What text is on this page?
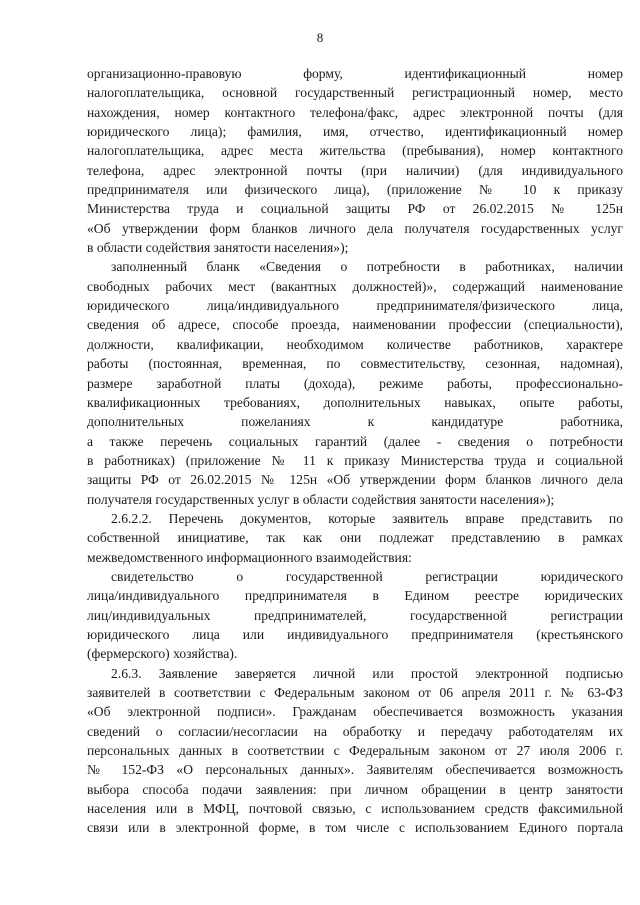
8
организационно-правовую форму, идентификационный номер
налогоплательщика, основной государственный регистрационный номер, место
нахождения, номер контактного телефона/факс, адрес электронной почты (для
юридического лица); фамилия, имя, отчество, идентификационный номер
налогоплательщика, адрес места жительства (пребывания), номер контактного
телефона, адрес электронной почты (при наличии) (для индивидуального
предпринимателя или физического лица), (приложение № 10 к приказу
Министерства труда и социальной защиты РФ от 26.02.2015 № 125н
«Об утверждении форм бланков личного дела получателя государственных услуг
в области содействия занятости населения»);
заполненный бланк «Сведения о потребности в работниках, наличии
свободных рабочих мест (вакантных должностей)», содержащий наименование
юридического лица/индивидуального предпринимателя/физического лица,
сведения об адресе, способе проезда, наименовании профессии (специальности),
должности, квалификации, необходимом количестве работников, характере
работы (постоянная, временная, по совместительству, сезонная, надомная),
размере заработной платы (дохода), режиме работы, профессионально-
квалификационных требованиях, дополнительных навыках, опыте работы,
дополнительных пожеланиях к кандидатуре работника,
а также перечень социальных гарантий (далее - сведения о потребности
в работниках) (приложение № 11 к приказу Министерства труда и социальной
защиты РФ от 26.02.2015 № 125н «Об утверждении форм бланков личного дела
получателя государственных услуг в области содействия занятости населения»);
2.6.2.2. Перечень документов, которые заявитель вправе представить по
собственной инициативе, так как они подлежат представлению в рамках
межведомственного информационного взаимодействия:
свидетельство о государственной регистрации юридического
лица/индивидуального предпринимателя в Едином реестре юридических
лиц/индивидуальных предпринимателей, государственной регистрации
юридического лица или индивидуального предпринимателя (крестьянского
(фермерского) хозяйства).
2.6.3. Заявление заверяется личной или простой электронной подписью
заявителей в соответствии с Федеральным законом от 06 апреля 2011 г. № 63-ФЗ
«Об электронной подписи». Гражданам обеспечивается возможность указания
сведений о согласии/несогласии на обработку и передачу работодателям их
персональных данных в соответствии с Федеральным законом от 27 июля 2006 г.
№ 152-ФЗ «О персональных данных». Заявителям обеспечивается возможность
выбора способа подачи заявления: при личном обращении в центр занятости
населения или в МФЦ, почтовой связью, с использованием средств факсимильной
связи или в электронной форме, в том числе с использованием Единого портала
